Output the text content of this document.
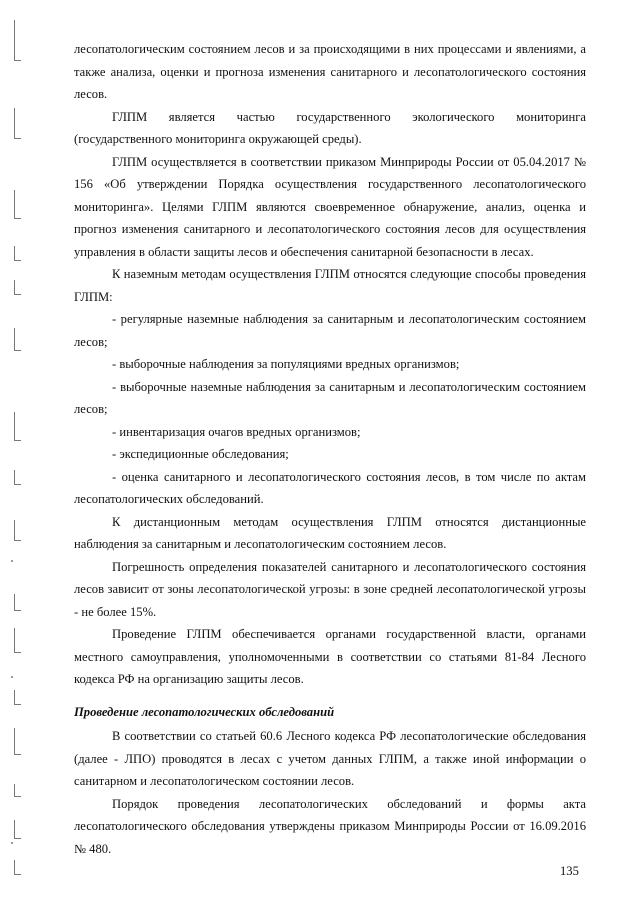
лесопатологическим состоянием лесов и за происходящими в них процессами и явлениями, а также анализа, оценки и прогноза изменения санитарного и лесопатологического состояния лесов.

ГЛПМ является частью государственного экологического мониторинга (государственного мониторинга окружающей среды).

ГЛПМ осуществляется в соответствии приказом Минприроды России от 05.04.2017 № 156 «Об утверждении Порядка осуществления государственного лесопатологического мониторинга». Целями ГЛПМ являются своевременное обнаружение, анализ, оценка и прогноз изменения санитарного и лесопатологического состояния лесов для осуществления управления в области защиты лесов и обеспечения санитарной безопасности в лесах.

К наземным методам осуществления ГЛПМ относятся следующие способы проведения ГЛПМ:

- регулярные наземные наблюдения за санитарным и лесопатологическим состоянием лесов;

- выборочные наблюдения за популяциями вредных организмов;

- выборочные наземные наблюдения за санитарным и лесопатологическим состоянием лесов;

- инвентаризация очагов вредных организмов;

- экспедиционные обследования;

- оценка санитарного и лесопатологического состояния лесов, в том числе по актам лесопатологических обследований.

К дистанционным методам осуществления ГЛПМ относятся дистанционные наблюдения за санитарным и лесопатологическим состоянием лесов.

Погрешность определения показателей санитарного и лесопатологического состояния лесов зависит от зоны лесопатологической угрозы: в зоне средней лесопатологической угрозы - не более 15%.

Проведение ГЛПМ обеспечивается органами государственной власти, органами местного самоуправления, уполномоченными в соответствии со статьями 81-84 Лесного кодекса РФ на организацию защиты лесов.

Проведение лесопатологических обследований

В соответствии со статьей 60.6 Лесного кодекса РФ лесопатологические обследования (далее - ЛПО) проводятся в лесах с учетом данных ГЛПМ, а также иной информации о санитарном и лесопатологическом состоянии лесов.

Порядок проведения лесопатологических обследований и формы акта лесопатологического обследования утверждены приказом Минприроды России от 16.09.2016 № 480.

135
